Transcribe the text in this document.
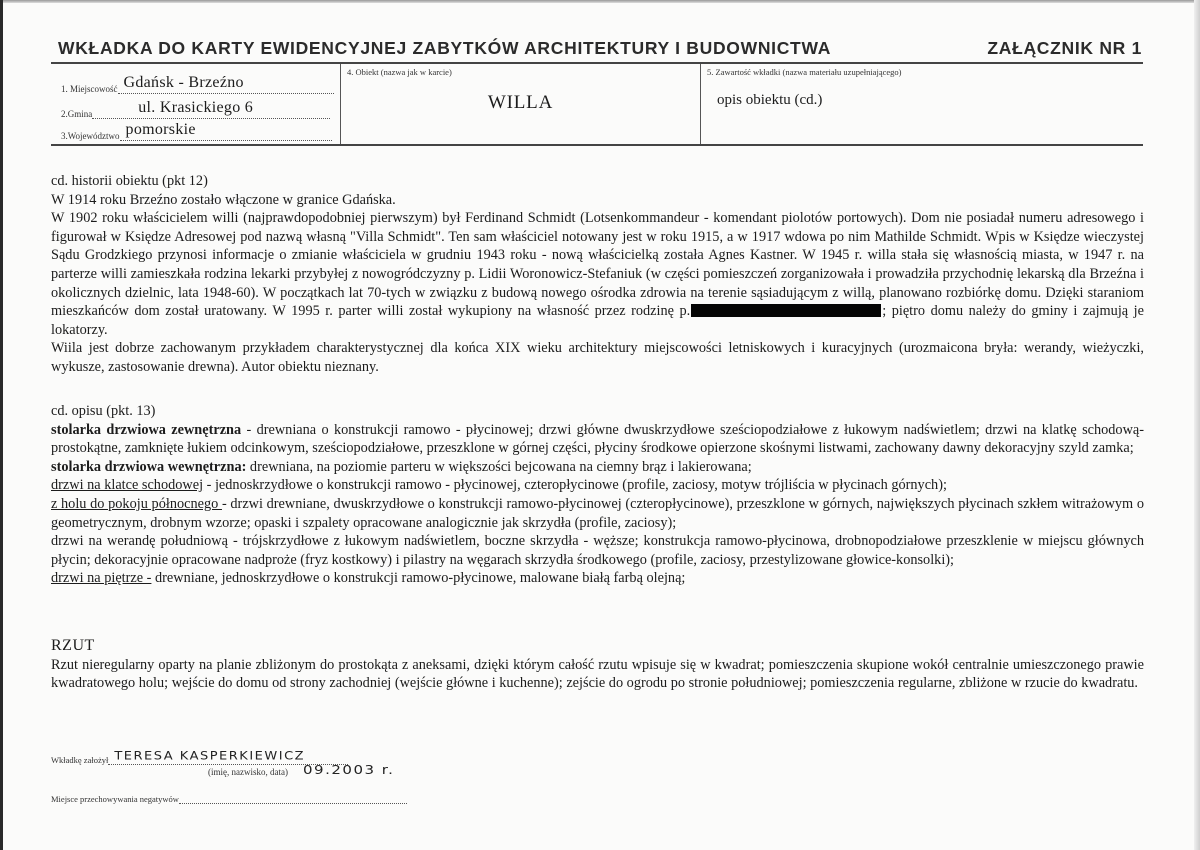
WKŁADKA DO KARTY EWIDENCYJNEJ ZABYTKÓW ARCHITEKTURY I BUDOWNICTWA	ZAŁĄCZNIK NR 1
1. Miejscowość Gdańsk - Brzeźno
2.Gmina	ul. Krasickiego 6
3.Województwo pomorskie
4. Obiekt (nazwa jak w karcie)
WILLA
5. Zawartość wkładki (nazwa materiału uzupełniającego)
opis obiektu (cd.)

cd. historii obiektu (pkt 12)

W 1914 roku Brzeźno zostało włączone w granice Gdańska.

W 1902 roku właścicielem willi (najprawdopodobniej pierwszym) był Ferdinand Schmidt (Lotsenkommandeur - komendant piolotów portowych). Dom nie posiadał numeru adresowego i figurował w Księdze Adresowej pod nazwą własną "Villa Schmidt". Ten sam właściciel notowany jest w roku 1915, a w 1917 wdowa po nim Mathilde Schmidt. Wpis w Księdze wieczystej Sądu Grodzkiego przynosi informacje o zmianie właściciela w grudniu 1943 roku - nową właścicielką została Agnes Kastner. W 1945 r. willa stała się własnością miasta, w 1947 r. na parterze willi zamieszkała rodzina lekarki przybyłej z nowogródczyzny p. Lidii Woronowicz-Stefaniuk (w części pomieszczeń zorganizowała i prowadziła przychodnię lekarską dla Brzeźna i okolicznych dzielnic, lata 1948-60). W początkach lat 70-tych w związku z budową nowego ośrodka zdrowia na terenie sąsiadującym z willą, planowano rozbiórkę domu. Dzięki staraniom mieszkańców dom został uratowany. W 1995 r. parter willi został wykupiony na własność przez rodzinę p.	; piętro domu należy do gminy i zajmują je lokatorzy.

Wiila jest dobrze zachowanym przykładem charakterystycznej dla końca XIX wieku architektury miejscowości letniskowych i kuracyjnych (urozmaicona bryła: werandy, wieżyczki, wykusze, zastosowanie drewna). Autor obiektu nieznany.

cd. opisu (pkt. 13)

stolarka drzwiowa zewnętrzna - drewniana o konstrukcji ramowo - płycinowej; drzwi główne dwuskrzydłowe sześciopodziałowe z łukowym nadświetlem; drzwi na klatkę schodową-prostokątne, zamknięte łukiem odcinkowym, sześciopodziałowe, przeszklone w górnej części, płyciny środkowe opierzone skośnymi listwami, zachowany dawny dekoracyjny szyld zamka;

stolarka drzwiowa wewnętrzna: drewniana, na poziomie parteru w większości bejcowana na ciemny brąz i lakierowana;

drzwi na klatce schodowej - jednoskrzydłowe o konstrukcji ramowo - płycinowej, czteropłycinowe (profile, zaciosy, motyw trójliścia w płycinach górnych);

z holu do pokoju północnego - drzwi drewniane, dwuskrzydłowe o konstrukcji ramowo-płycinowej (czteropłycinowe), przeszklone w górnych, największych płycinach szkłem witrażowym o geometrycznym, drobnym wzorze; opaski i szpalety opracowane analogicznie jak skrzydła (profile, zaciosy);

drzwi na werandę południową - trójskrzydłowe z łukowym nadświetlem, boczne skrzydła - węższe; konstrukcja ramowo-płycinowa, drobnopodziałowe przeszklenie w miejscu głównych płycin; dekoracyjnie opracowane nadproże (fryz kostkowy) i pilastry na węgarach skrzydła środkowego (profile, zaciosy, przestylizowane głowice-konsolki);

drzwi na piętrze - drewniane, jednoskrzydłowe o konstrukcji ramowo-płycinowe, malowane białą farbą olejną;

RZUT

Rzut nieregularny oparty na planie zbliżonym do prostokąta z aneksami, dzięki którym całość rzutu wpisuje się w kwadrat; pomieszczenia skupione wokół centralnie umieszczonego prawie kwadratowego holu; wejście do domu od strony zachodniej (wejście główne i kuchenne); zejście do ogrodu po stronie południowej; pomieszczenia regularne, zbliżone w rzucie do kwadratu.

Wkładkę założył TERESA KASPERKIEWICZ
(imię, nazwisko, data) 09.2003 r.
Miejsce przechowywania negatywów
